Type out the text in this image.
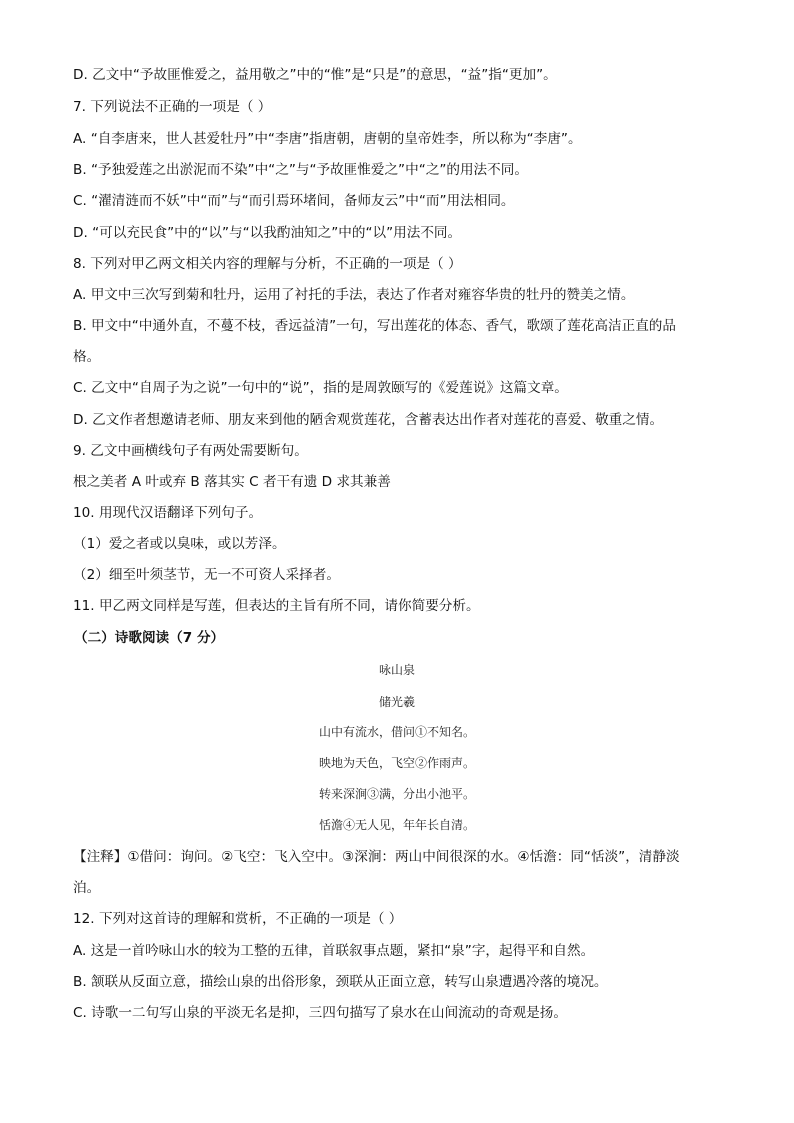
D. 乙文中“予故匪惟爱之，益用敬之”中的“惟”是“只是”的意思，“益”指“更加”。
7. 下列说法不正确的一项是（ ）
A. “自李唐来，世人甚爱牡丹”中“李唐”指唐朝，唐朝的皇帝姓李，所以称为“李唐”。
B. “予独爱莲之出淤泥而不染”中“之”与“予故匪惟爱之”中“之”的用法不同。
C. “濯清涟而不妖”中“而”与“而引焉环堵间，备师友云”中“而”用法相同。
D. “可以充民食”中的“以”与“以我酌油知之”中的“以”用法不同。
8. 下列对甲乙两文相关内容的理解与分析，不正确的一项是（ ）
A. 甲文中三次写到菊和牡丹，运用了衬托的手法，表达了作者对雍容华贵的牡丹的赞美之情。
B. 甲文中“中通外直，不蔓不枝，香远益清”一句，写出莲花的体态、香气，歌颂了莲花高洁正直的品
格。
C. 乙文中“自周子为之说”一句中的“说”，指的是周敦颐写的《爱莲说》这篇文章。
D. 乙文作者想邀请老师、朋友来到他的陋舍观赏莲花，含蓄表达出作者对莲花的喜爱、敬重之情。
9. 乙文中画横线句子有两处需要断句。
根之美者 A 叶或弃 B 落其实 C 者干有遗 D 求其兼善
10. 用现代汉语翻译下列句子。
（1）爱之者或以臭味，或以芳泽。
（2）细至叶须茎节，无一不可资人采择者。
11. 甲乙两文同样是写莲，但表达的主旨有所不同，请你简要分析。
（二）诗歌阅读（7 分）
咏山泉
储光羲
山中有流水，借问①不知名。
映地为天色，飞空②作雨声。
转来深涧③满，分出小池平。
恬澹④无人见，年年长自清。
【注释】①借问：询问。②飞空：飞入空中。③深涧：两山中间很深的水。④恬澹：同“恬淡”，清静淡
泊。
12. 下列对这首诗的理解和赏析，不正确的一项是（ ）
A. 这是一首吟咏山水的较为工整的五律，首联叙事点题，紧扣“泉”字，起得平和自然。
B. 颔联从反面立意，描绘山泉的出俗形象，颈联从正面立意，转写山泉遭遇冷落的境况。
C. 诗歌一二句写山泉的平淡无名是抑，三四句描写了泉水在山间流动的奇观是扬。
